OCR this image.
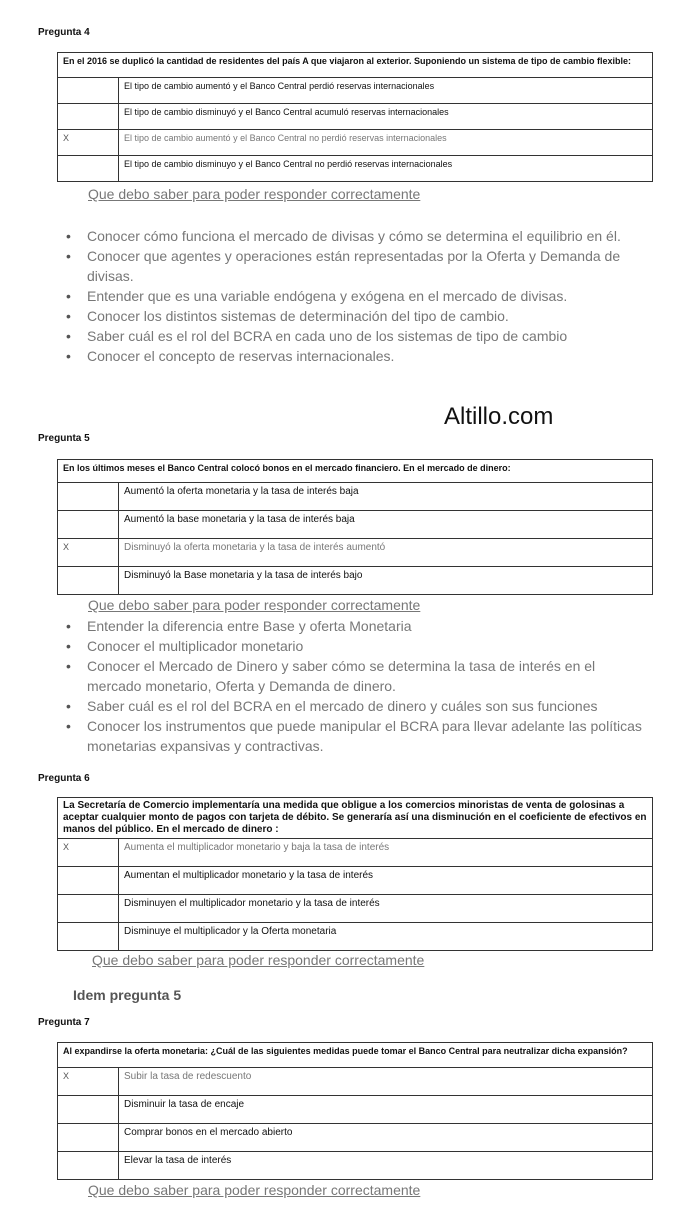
Pregunta 4
En el 2016 se duplicó la cantidad de residentes del país A que viajaron al exterior. Suponiendo un sistema de tipo de cambio flexible:	
	El tipo de cambio aumentó y el Banco Central perdió reservas internacionales
	El tipo de cambio disminuyó y el Banco Central acumuló reservas internacionales
X	El tipo de cambio aumentó y el Banco Central no perdió reservas internacionales
	El tipo de cambio disminuyo y el Banco Central no perdió reservas internacionales
Que debo saber para poder responder correctamente
• Conocer cómo funciona el mercado de divisas y cómo se determina el equilibrio en él.
• Conocer que agentes y operaciones están representadas por la Oferta y Demanda de divisas.
• Entender que es una variable endógena y exógena en el mercado de divisas.
• Conocer los distintos sistemas de determinación del tipo de cambio.
• Saber cuál es el rol del BCRA en cada uno de los sistemas de tipo de cambio
• Conocer el concepto de reservas internacionales.
Altillo.com
Pregunta 5
En los últimos meses el Banco Central colocó bonos en el mercado financiero. En el mercado de dinero:	
	Aumentó la oferta monetaria y la tasa de interés baja
	Aumentó la base monetaria y la tasa de interés baja
X	Disminuyó la oferta monetaria y la tasa de interés aumentó
	Disminuyó la Base monetaria y la tasa de interés bajo
Que debo saber para poder responder correctamente
• Entender la diferencia entre Base y oferta Monetaria
• Conocer el multiplicador monetario
• Conocer el Mercado de Dinero y saber cómo se determina la tasa de interés en el mercado monetario, Oferta y Demanda de dinero.
• Saber cuál es el rol del BCRA en el mercado de dinero y cuáles son sus funciones
• Conocer los instrumentos que puede manipular el BCRA para llevar adelante las políticas monetarias expansivas y contractivas.
Pregunta 6
La Secretaría de Comercio implementaría una medida que obligue a los comercios minoristas de venta de golosinas a aceptar cualquier monto de pagos con tarjeta de débito. Se generaría así una disminución en el coeficiente de efectivos en manos del público. En el mercado de dinero :	
X	Aumenta el multiplicador monetario y baja la tasa de interés
	Aumentan el multiplicador monetario y la tasa de interés
	Disminuyen el multiplicador monetario y la tasa de interés
	Disminuye el multiplicador y la Oferta monetaria
Que debo saber para poder responder correctamente
Idem pregunta 5
Pregunta 7
Al expandirse la oferta monetaria: ¿Cuál de las siguientes medidas puede tomar el Banco Central para neutralizar dicha expansión?	
X	Subir la tasa de redescuento
	Disminuir la tasa de encaje
	Comprar bonos en el mercado abierto
	Elevar la tasa de interés
Que debo saber para poder responder correctamente
